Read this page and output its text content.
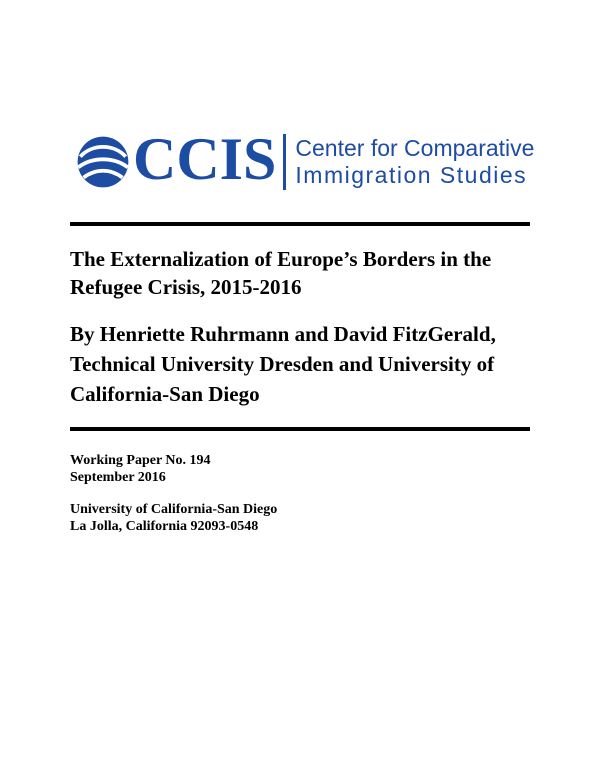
CCIS Center for Comparative
Immigration Studies
The Externalization of Europe’s Borders in the
Refugee Crisis, 2015-2016
By Henriette Ruhrmann and David FitzGerald,
Technical University Dresden and University of
California-San Diego
Working Paper No. 194
September 2016
University of California-San Diego
La Jolla, California 92093-0548
